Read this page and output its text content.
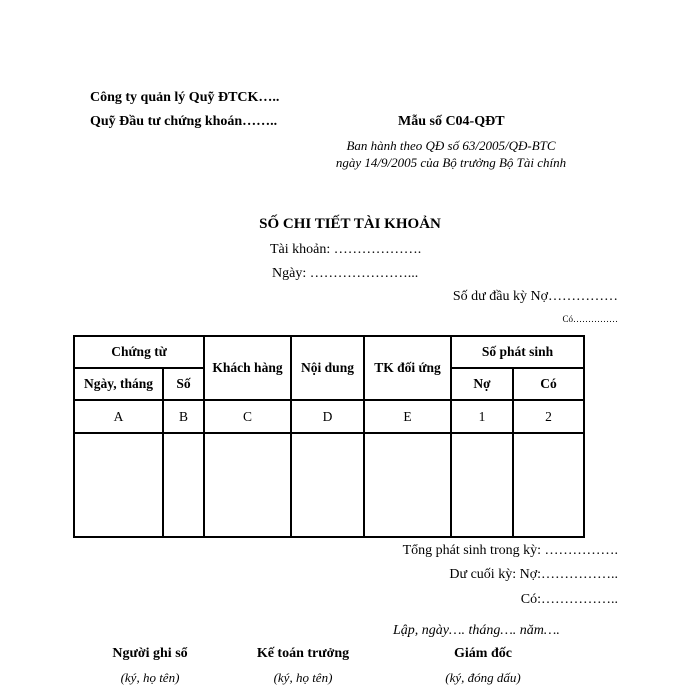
Công ty quản lý Quỹ ĐTCK…..
Quỹ Đầu tư chứng khoán……..	Mẫu số C04-QĐT
Ban hành theo QĐ số 63/2005/QĐ-BTC
ngày 14/9/2005 của Bộ trưởng Bộ Tài chính
SỐ CHI TIẾT TÀI KHOẢN
Tài khoản: ……………….
Ngày: …………………...
Số dư đầu kỳ Nợ……………
Có……………
Chứng từ		Khách hàng	Nội dung	TK đối ứng	Số phát sinh	
Ngày, tháng	Số				Nợ	Có
A	B	C	D	E	1	2

Tổng phát sinh trong kỳ: …………….
Dư cuối kỳ: Nợ:……………..
Có:……………..
Lập, ngày…. tháng…. năm….
Người ghi sổ
(ký, họ tên)
Kế toán trưởng
(ký, họ tên)
Giám đốc
(ký, đóng dấu)
